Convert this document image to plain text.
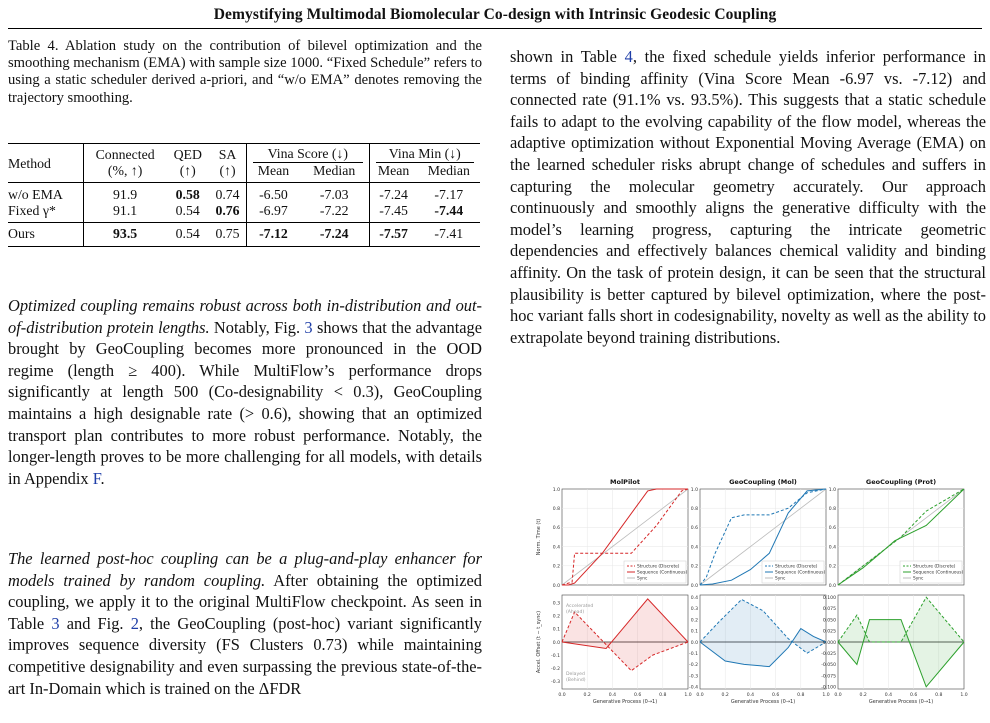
Demystifying Multimodal Biomolecular Co-design with Intrinsic Geodesic Coupling

Table 4. Ablation study on the contribution of bilevel optimization and the smoothing mechanism (EMA) with sample size 1000. “Fixed Schedule” refers to using a static scheduler derived a-priori, and “w/o EMA” denotes removing the trajectory smoothing.

Method	Connected	QED	SA	Vina Score (↓)		Vina Min (↓)	

	(%, ↑)	(↑)	(↑)	Mean	Median	Mean	Median
w/o EMA	91.9	0.58	0.74	-6.50	-7.03	-7.24	-7.17
Fixed γ*	91.1	0.54	0.76	-6.97	-7.22	-7.45	-7.44
Ours	93.5	0.54	0.75	-7.12	-7.24	-7.57	-7.41

Optimized coupling remains robust across both in-distribution and out-of-distribution protein lengths. Notably, Fig. 3 shows that the advantage brought by GeoCoupling becomes more pronounced in the OOD regime (length ≥ 400). While MultiFlow’s performance drops significantly at length 500 (Co-designability < 0.3), GeoCoupling maintains a high designable rate (> 0.6), showing that an optimized transport plan contributes to more robust performance. Notably, the longer-length proves to be more challenging for all models, with details in Appendix F.

The learned post-hoc coupling can be a plug-and-play enhancer for models trained by random coupling. After obtaining the optimized coupling, we apply it to the original MultiFlow checkpoint. As seen in Table 3 and Fig. 2, the GeoCoupling (post-hoc) variant significantly improves sequence diversity (FS Clusters 0.73) while maintaining competitive designability and even surpassing the previous state-of-the-art In-Domain which is trained on the ΔFDR

shown in Table 4, the fixed schedule yields inferior performance in terms of binding affinity (Vina Score Mean -6.97 vs. -7.12) and connected rate (91.1% vs. 93.5%). This suggests that a static schedule fails to adapt to the evolving capability of the flow model, whereas the adaptive optimization without Exponential Moving Average (EMA) on the learned scheduler risks abrupt change of schedules and suffers in capturing the molecular geometry accurately. Our approach continuously and smoothly aligns the generative difficulty with the model’s learning progress, capturing the intricate geometric dependencies and effectively balances chemical validity and binding affinity. On the task of protein design, it can be seen that the structural plausibility is better captured by bilevel optimization, where the post-hoc variant falls short in codesignability, novelty as well as the ability to extrapolate beyond training distributions.

MolPilot
0.0
0.2
0.4
0.6
0.8
1.0
-0.3
-0.2
-0.1
0.0
0.1
0.2
0.3
0.0	0.2	0.4	0.6	0.8	1.0
Generative Process (0→1)
Structure (Discrete)
Sequence (Continuous)
Sync
GeoCoupling (Mol)
0.0
0.2
0.4
0.6
0.8
1.0
-0.4
-0.3
-0.2
-0.1
0.0
0.1
0.2
0.3
0.4
0.0	0.2	0.4	0.6	0.8	1.0
Generative Process (0→1)
Structure (Discrete)
Sequence (Continuous)
Sync
GeoCoupling (Prot)
0.0
0.2
0.4
0.6
0.8
1.0
-0.100
-0.075
-0.050
-0.025
0.000
0.025
0.050
0.075
0.100
0.0	0.2	0.4	0.6	0.8	1.0
Generative Process (0→1)
Structure (Discrete)
Sequence (Continuous)
Sync
Norm. Time (t)
Accel. Offset (t − t_sync)
Accelerated
(Ahead)
Delayed
(Behind)
